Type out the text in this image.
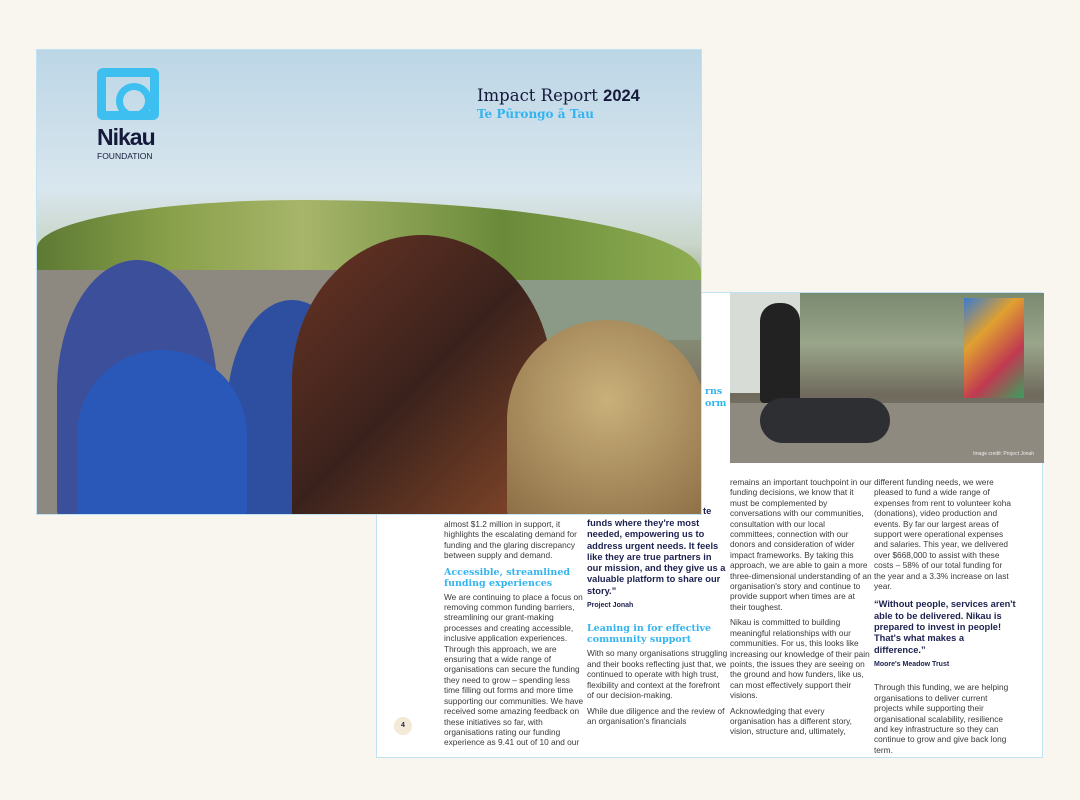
Image credit: Project Jonah
rns
orm
te

almost $1.2 million in support, it highlights the escalating demand for funding and the glaring discrepancy between supply and demand.

Accessible, streamlined funding experiences

We are continuing to place a focus on removing common funding barriers, streamlining our grant-making processes and creating accessible, inclusive application experiences. Through this approach, we are ensuring that a wide range of organisations can secure the funding they need to grow – spending less time filling out forms and more time supporting our communities. We have received some amazing feedback on these initiatives so far, with organisations rating our funding experience as 9.41 out of 10 and our

funds where they're most needed, empowering us to address urgent needs. It feels like they are true partners in our mission, and they give us a valuable platform to share our story.”
Project Jonah
Leaning in for effective community support

With so many organisations struggling and their books reflecting just that, we continued to operate with high trust, flexibility and context at the forefront of our decision-making.

While due diligence and the review of an organisation's financials

remains an important touchpoint in our funding decisions, we know that it must be complemented by conversations with our communities, consultation with our local committees, connection with our donors and consideration of wider impact frameworks. By taking this approach, we are able to gain a more three-dimensional understanding of an organisation's story and continue to provide support when times are at their toughest.

Nikau is committed to building meaningful relationships with our communities. For us, this looks like increasing our knowledge of their pain points, the issues they are seeing on the ground and how funders, like us, can most effectively support their visions.

Acknowledging that every organisation has a different story, vision, structure and, ultimately,

different funding needs, we were pleased to fund a wide range of expenses from rent to volunteer koha (donations), video production and events. By far our largest areas of support were operational expenses and salaries. This year, we delivered over $668,000 to assist with these costs – 58% of our total funding for the year and a 3.3% increase on last year.

“Without people, services aren't able to be delivered. Nikau is prepared to invest in people! That's what makes a difference.”
Moore's Meadow Trust

Through this funding, we are helping organisations to deliver current projects while supporting their organisational scalability, resilience and key infrastructure so they can continue to grow and give back long term.

4
Nikau
FOUNDATION
Impact Report 2024
Te Pūrongo ā Tau
